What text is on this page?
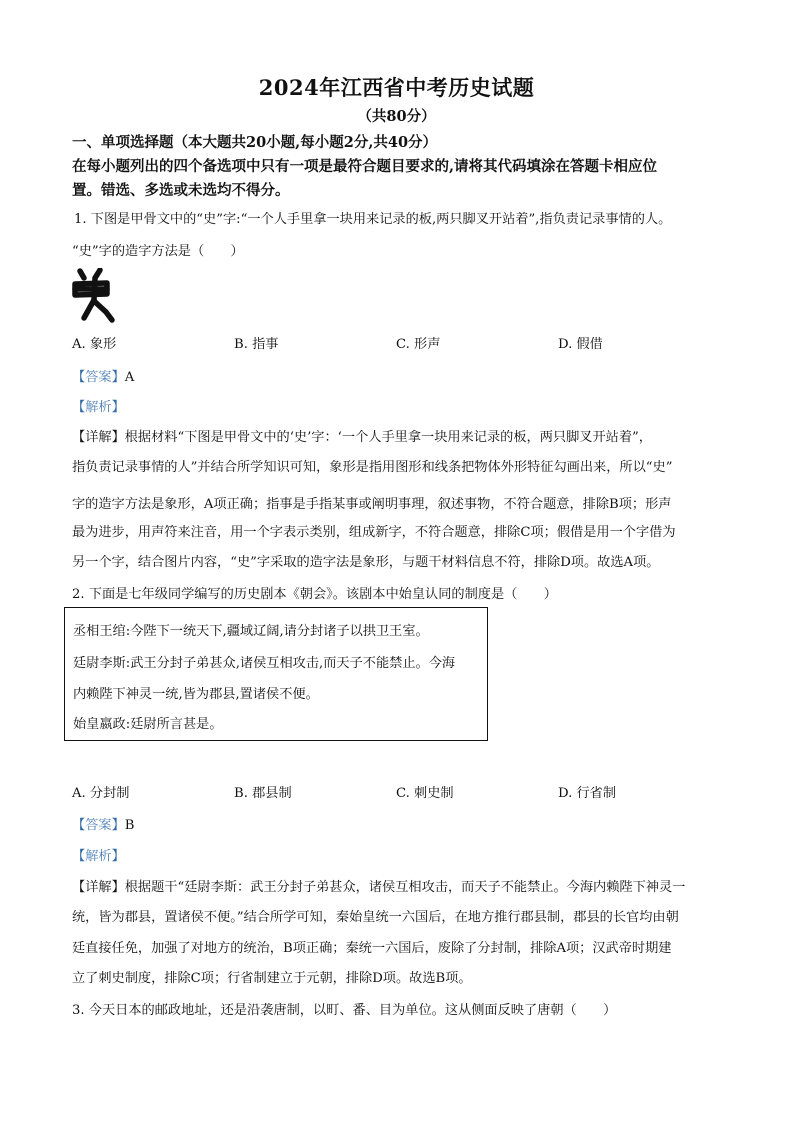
2024年江西省中考历史试题
（共80分）
一、单项选择题（本大题共20小题,每小题2分,共40分）
在每小题列出的四个备选项中只有一项是最符合题目要求的,请将其代码填涂在答题卡相应位
置。错选、多选或未选均不得分。
1. 下图是甲骨文中的“史”字:“一个人手里拿一块用来记录的板,两只脚叉开站着”,指负责记录事情的人。
“史”字的造字方法是（　　）
A. 象形	B. 指事	C. 形声	D. 假借
【答案】A
【解析】
【详解】根据材料“下图是甲骨文中的‘史’字：‘一个人手里拿一块用来记录的板，两只脚叉开站着”，
指负责记录事情的人”并结合所学知识可知，象形是指用图形和线条把物体外形特征勾画出来，所以“史”
字的造字方法是象形，A项正确；指事是手指某事或阐明事理，叙述事物，不符合题意，排除B项；形声
最为进步，用声符来注音，用一个字表示类别，组成新字，不符合题意，排除C项；假借是用一个字借为
另一个字，结合图片内容，“史”字采取的造字法是象形，与题干材料信息不符，排除D项。故选A项。
2. 下面是七年级同学编写的历史剧本《朝会》。该剧本中始皇认同的制度是（　　）
丞相王绾:今陛下一统天下,疆域辽阔,请分封诸子以拱卫王室。
廷尉李斯:武王分封子弟甚众,诸侯互相攻击,而天子不能禁止。今海
内赖陛下神灵一统,皆为郡县,置诸侯不便。
始皇嬴政:廷尉所言甚是。
A. 分封制	B. 郡县制	C. 刺史制	D. 行省制
【答案】B
【解析】
【详解】根据题干“廷尉李斯：武王分封子弟甚众，诸侯互相攻击，而天子不能禁止。今海内赖陛下神灵一
统，皆为郡县，置诸侯不便。”结合所学可知，秦始皇统一六国后，在地方推行郡县制，郡县的长官均由朝
廷直接任免，加强了对地方的统治，B项正确；秦统一六国后，废除了分封制，排除A项；汉武帝时期建
立了刺史制度，排除C项；行省制建立于元朝，排除D项。故选B项。
3. 今天日本的邮政地址，还是沿袭唐制，以町、番、目为单位。这从侧面反映了唐朝（　　）
